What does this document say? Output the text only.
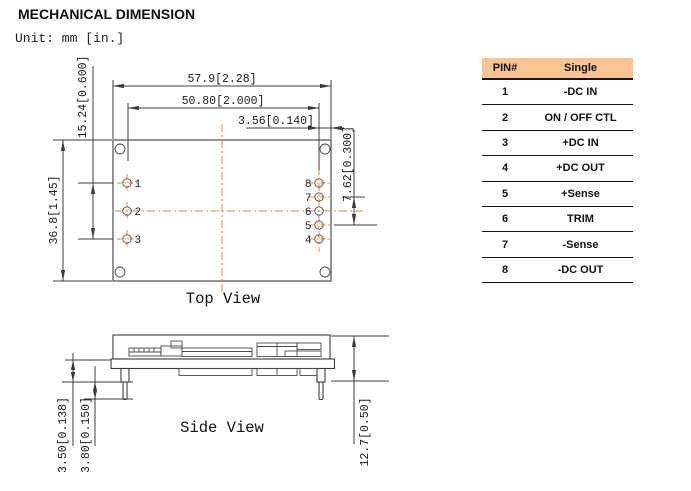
MECHANICAL DIMENSION
Unit: mm [in.]
1
2
3
8
7
6
5
4
57.9[2.28]
50.80[2.000]
3.56[0.140]
36.8[1.45]
15.24[0.600]
7.62[0.300]
Top View
3.50[0.138] 3.80[0.150]	12.7[0.50]
Side View
PIN#	Single
1	-DC IN
2	ON / OFF CTL
3	+DC IN
4	+DC OUT
5	+Sense
6	TRIM
7	-Sense
8	-DC OUT
